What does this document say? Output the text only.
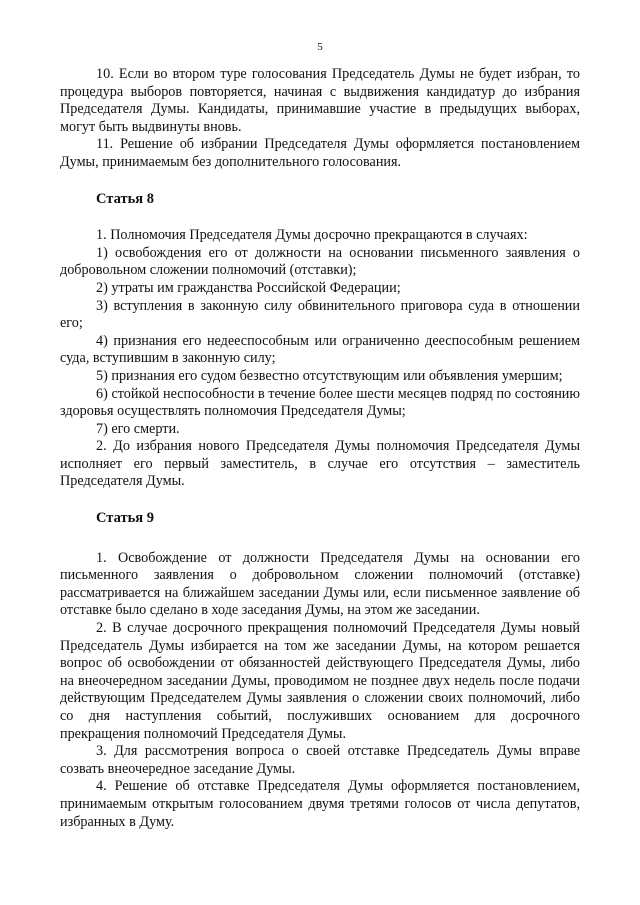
5

10. Если во втором туре голосования Председатель Думы не будет избран, то процедура выборов повторяется, начиная с выдвижения кандидатур до избрания Председателя Думы. Кандидаты, принимавшие участие в предыдущих выборах, могут быть выдвинуты вновь.

11. Решение об избрании Председателя Думы оформляется постановлением Думы, принимаемым без дополнительного голосования.

Статья 8

1. Полномочия Председателя Думы досрочно прекращаются в случаях:

1) освобождения его от должности на основании письменного заявления о добровольном сложении полномочий (отставки);

2) утраты им гражданства Российской Федерации;

3) вступления в законную силу обвинительного приговора суда в отношении его;

4) признания его недееспособным или ограниченно дееспособным решением суда, вступившим в законную силу;

5) признания его судом безвестно отсутствующим или объявления умершим;

6) стойкой неспособности в течение более шести месяцев подряд по состоянию здоровья осуществлять полномочия Председателя Думы;

7) его смерти.

2. До избрания нового Председателя Думы полномочия Председателя Думы исполняет его первый заместитель, в случае его отсутствия – заместитель Председателя Думы.

Статья 9

1. Освобождение от должности Председателя Думы на основании его письменного заявления о добровольном сложении полномочий (отставке) рассматривается на ближайшем заседании Думы или, если письменное заявление об отставке было сделано в ходе заседания Думы, на этом же заседании.

2. В случае досрочного прекращения полномочий Председателя Думы новый Председатель Думы избирается на том же заседании Думы, на котором решается вопрос об освобождении от обязанностей действующего Председателя Думы, либо на внеочередном заседании Думы, проводимом не позднее двух недель после подачи действующим Председателем Думы заявления о сложении своих полномочий, либо со дня наступления событий, послуживших основанием для досрочного прекращения полномочий Председателя Думы.

3. Для рассмотрения вопроса о своей отставке Председатель Думы вправе созвать внеочередное заседание Думы.

4. Решение об отставке Председателя Думы оформляется постановлением, принимаемым открытым голосованием двумя третями голосов от числа депутатов, избранных в Думу.
